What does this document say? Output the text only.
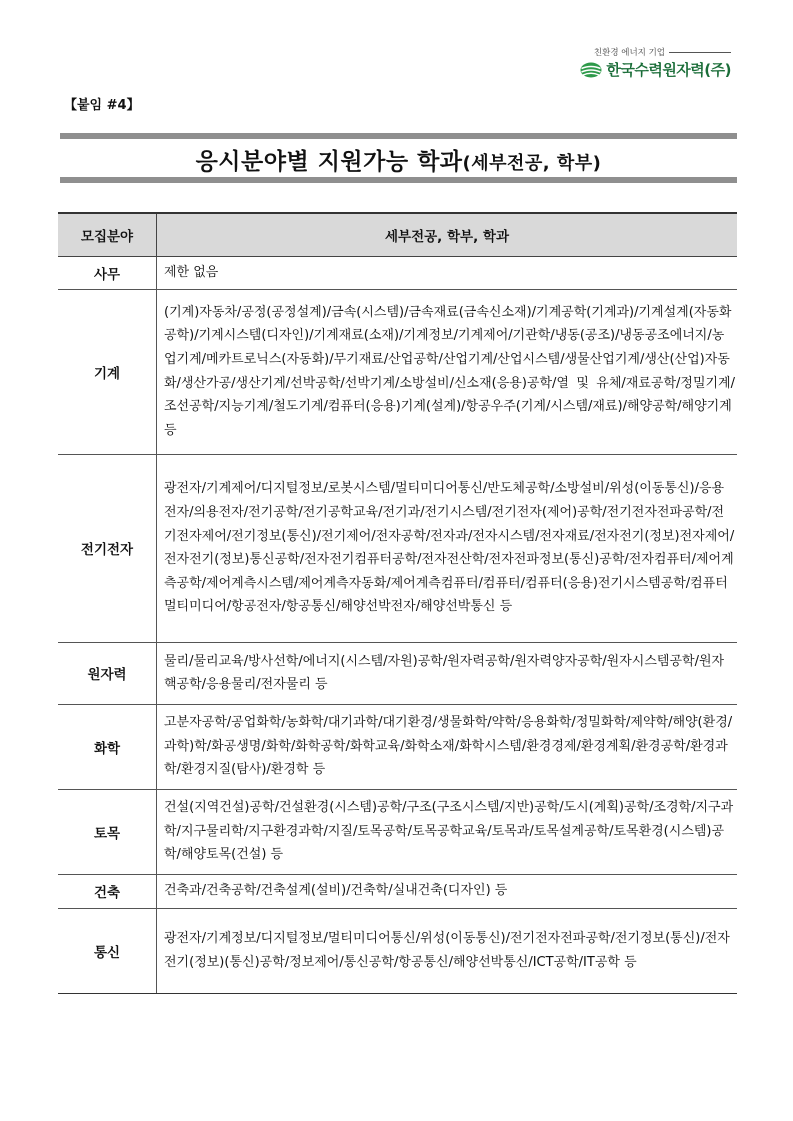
친환경 에너지 기업
한국수력원자력(주)
【붙임 #4】
응시분야별 지원가능 학과(세부전공, 학부)
모집분야	세부전공, 학부, 학과
사무	제한 없음
기계	(기계)자동차/공정(공정설계)/금속(시스템)/금속재료(금속신소재)/기계공학(기계과)/기계설계(자동화공학)/기계시스템(디자인)/기계재료(소재)/기계정보/기계제어/기관학/냉동(공조)/냉동공조에너지/농업기계/메카트로닉스(자동화)/무기재료/산업공학/산업기계/산업시스템/생물산업기계/생산(산업)자동화/생산가공/생산기계/선박공학/선박기계/소방설비/신소재(응용)공학/열 및 유체/재료공학/정밀기계/조선공학/지능기계/철도기계/컴퓨터(응용)기계(설계)/항공우주(기계/시스템/재료)/해양공학/해양기계 등
전기전자	광전자/기계제어/디지털정보/로봇시스템/멀티미디어통신/반도체공학/소방설비/위성(이동통신)/응용전자/의용전자/전기공학/전기공학교육/전기과/전기시스템/전기전자(제어)공학/전기전자전파공학/전기전자제어/전기정보(통신)/전기제어/전자공학/전자과/전자시스템/전자재료/전자전기(정보)전자제어/전자전기(정보)통신공학/전자전기컴퓨터공학/전자전산학/전자전파정보(통신)공학/전자컴퓨터/제어계측공학/제어계측시스템/제어계측자동화/제어계측컴퓨터/컴퓨터/컴퓨터(응용)전기시스템공학/컴퓨터멀티미디어/항공전자/항공통신/해양선박전자/해양선박통신 등
원자력	물리/물리교육/방사선학/에너지(시스템/자원)공학/원자력공학/원자력양자공학/원자시스템공학/원자핵공학/응용물리/전자물리 등
화학	고분자공학/공업화학/농화학/대기과학/대기환경/생물화학/약학/응용화학/정밀화학/제약학/해양(환경/과학)학/화공생명/화학/화학공학/화학교육/화학소재/화학시스템/환경경제/환경계획/환경공학/환경과학/환경지질(탐사)/환경학 등
토목	건설(지역건설)공학/건설환경(시스템)공학/구조(구조시스템/지반)공학/도시(계획)공학/조경학/지구과학/지구물리학/지구환경과학/지질/토목공학/토목공학교육/토목과/토목설계공학/토목환경(시스템)공학/해양토목(건설) 등
건축	건축과/건축공학/건축설계(설비)/건축학/실내건축(디자인) 등
통신	광전자/기계정보/디지털정보/멀티미디어통신/위성(이동통신)/전기전자전파공학/전기정보(통신)/전자전기(정보)(통신)공학/정보제어/통신공학/항공통신/해양선박통신/ICT공학/IT공학 등
